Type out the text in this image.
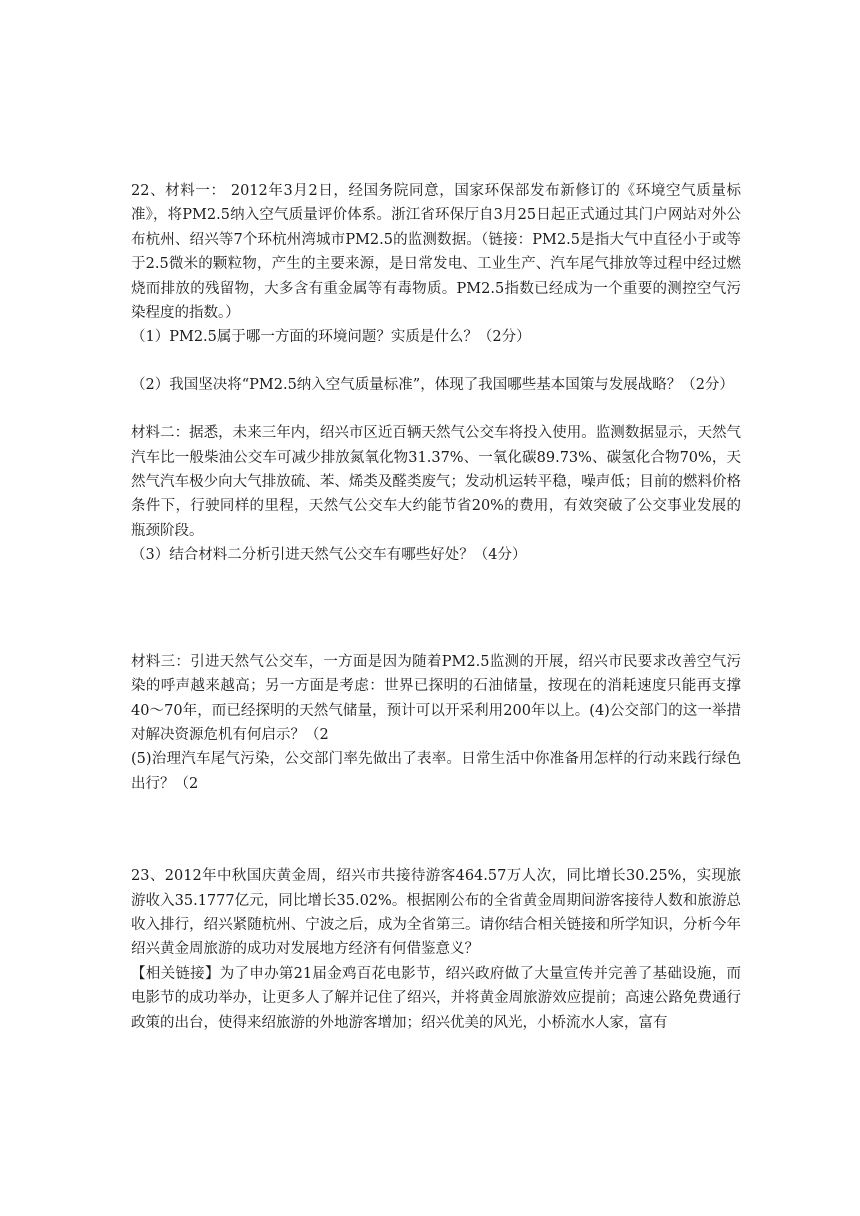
22、材料一： 2012年3月2日，经国务院同意，国家环保部发布新修订的《环境空气质量标准》，将PM2.5纳入空气质量评价体系。浙江省环保厅自3月25日起正式通过其门户网站对外公布杭州、绍兴等7个环杭州湾城市PM2.5的监测数据。（链接：PM2.5是指大气中直径小于或等于2.5微米的颗粒物，产生的主要来源，是日常发电、工业生产、汽车尾气排放等过程中经过燃烧而排放的残留物，大多含有重金属等有毒物质。PM2.5指数已经成为一个重要的测控空气污染程度的指数。）

（1）PM2.5属于哪一方面的环境问题？实质是什么？（2分）

（2）我国坚决将“PM2.5纳入空气质量标准”，体现了我国哪些基本国策与发展战略？（2分）

材料二：据悉，未来三年内，绍兴市区近百辆天然气公交车将投入使用。监测数据显示，天然气汽车比一般柴油公交车可减少排放氮氧化物31.37%、一氧化碳89.73%、碳氢化合物70%，天然气汽车极少向大气排放硫、苯、烯类及醛类废气；发动机运转平稳，噪声低；目前的燃料价格条件下，行驶同样的里程，天然气公交车大约能节省20%的费用，有效突破了公交事业发展的瓶颈阶段。

（3）结合材料二分析引进天然气公交车有哪些好处？（4分）

材料三：引进天然气公交车，一方面是因为随着PM2.5监测的开展，绍兴市民要求改善空气污染的呼声越来越高；另一方面是考虑：世界已探明的石油储量，按现在的消耗速度只能再支撑40～70年，而已经探明的天然气储量，预计可以开采利用200年以上。(4)公交部门的这一举措对解决资源危机有何启示？（2

(5)治理汽车尾气污染，公交部门率先做出了表率。日常生活中你准备用怎样的行动来践行绿色出行？（2

23、2012年中秋国庆黄金周，绍兴市共接待游客464.57万人次，同比增长30.25%，实现旅游收入35.1777亿元，同比增长35.02%。根据刚公布的全省黄金周期间游客接待人数和旅游总收入排行，绍兴紧随杭州、宁波之后，成为全省第三。请你结合相关链接和所学知识，分析今年绍兴黄金周旅游的成功对发展地方经济有何借鉴意义？

【相关链接】为了申办第21届金鸡百花电影节，绍兴政府做了大量宣传并完善了基础设施，而电影节的成功举办，让更多人了解并记住了绍兴，并将黄金周旅游效应提前；高速公路免费通行政策的出台，使得来绍旅游的外地游客增加；绍兴优美的风光，小桥流水人家，富有
